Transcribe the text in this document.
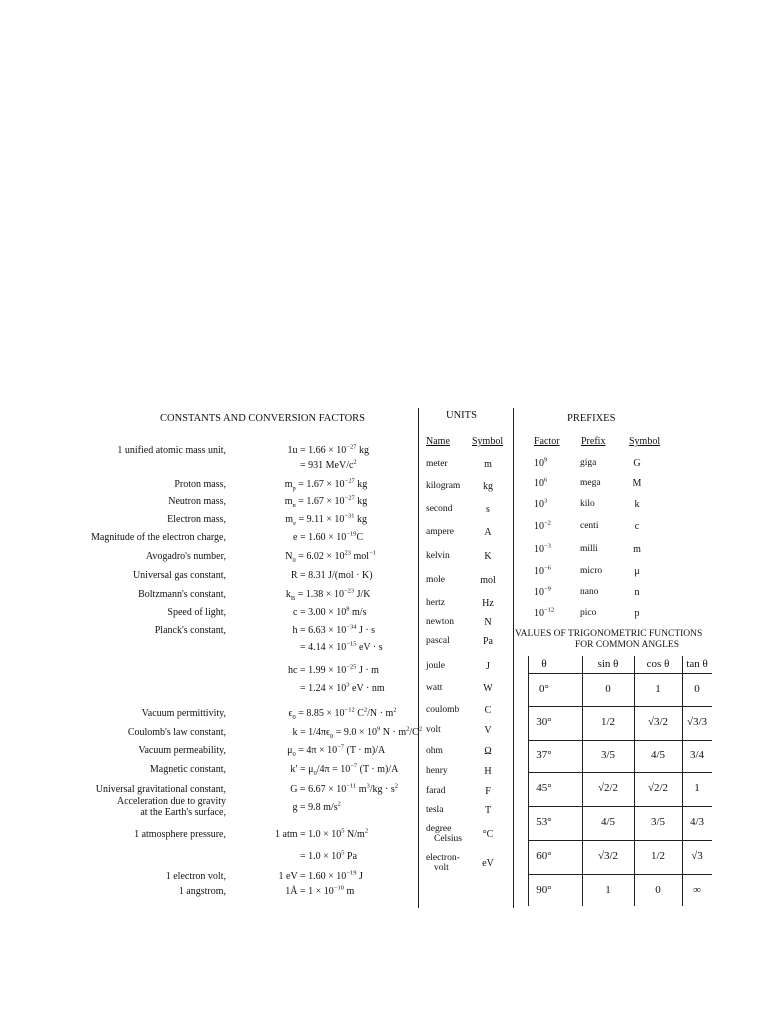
CONSTANTS AND CONVERSION FACTORS
1 unified atomic mass unit,	$1u = 1.66 \times 10^{-27}$ kg
= 931 MeV/$c^2$
Proton mass,	$m_p = 1.67 \times 10^{-27}$ kg
Neutron mass,	$m_n = 1.67 \times 10^{-27}$ kg
Electron mass,	$m_e = 9.11 \times 10^{-31}$ kg
Magnitude of the electron charge,	$e = 1.60 \times 10^{-19}C$
Avogadro's number,	$N_0 = 6.02 \times 10^{23}$ mol$^{-1}$
Universal gas constant,	R = 8.31 J/(mol · K)
Boltzmann's constant,	$k_B = 1.38 \times 10^{-23}$ J/K
Speed of light,	$c = 3.00 \times 10^8$ m/s
Planck's constant,	$h = 6.63 \times 10^{-34}$ J · s
= $4.14 \times 10^{-15}$ eV · s
hc = $1.99 \times 10^{-25}$ J · m
= $1.24 \times 10^3$ eV · nm
Vacuum permittivity,	$\epsilon_0 = 8.85 \times 10^{-12}$ $C^2/N \cdot m^2$
Coulomb's law constant,	$k = 1/4\pi\epsilon_0 = 9.0 \times 10^9$ $N \cdot m^2/C^2$
Vacuum permeability,	$\mu_0 = 4\pi \times 10^{-7}$ (T · m)/A
Magnetic constant,	$k' = \mu_0/4\pi = 10^{-7}$ (T · m)/A
Universal gravitational constant,	$G = 6.67 \times 10^{-11}$ $m^3/kg \cdot s^2$
Acceleration due to gravity
at the Earth's surface,	g = 9.8 $m/s^2$
1 atmosphere pressure,	1 atm = $1.0 \times 10^5$ $N/m^2$
= $1.0 \times 10^5$ Pa
1 electron volt,	1 eV = $1.60 \times 10^{-19}$ J
1 angstrom,	1Å = $1 \times 10^{-10}$ m
UNITS
Name Symbol
meter	m
kilogram	kg
second	s
ampere	A
kelvin	K
mole	mol
hertz	Hz
newton	N
pascal	Pa
joule	J
watt	W
coulomb	C
volt	V
ohm	Ω
henry	H
farad	F
tesla	T
degree
Celsius	°C
electron-
volt	eV
PREFIXES
Factor Prefix Symbol
$10^9$	giga	G
$10^6$	mega	M
$10^3$	kilo	k
$10^{-2}$	centi	c
$10^{-3}$	milli	m
$10^{-6}$	micro	μ
$10^{-9}$	nano	n
$10^{-12}$	pico	p
VALUES OF TRIGONOMETRIC FUNCTIONS
FOR COMMON ANGLES
θ	sin θ	cos θ	tan θ
0°	0	1	0
30°	1/2	√3/2	√3/3
37°	3/5	4/5	3/4
45°	√2/2	√2/2	1
53°	4/5	3/5	4/3
60°	√3/2	1/2	√3
90°	1	0	∞
